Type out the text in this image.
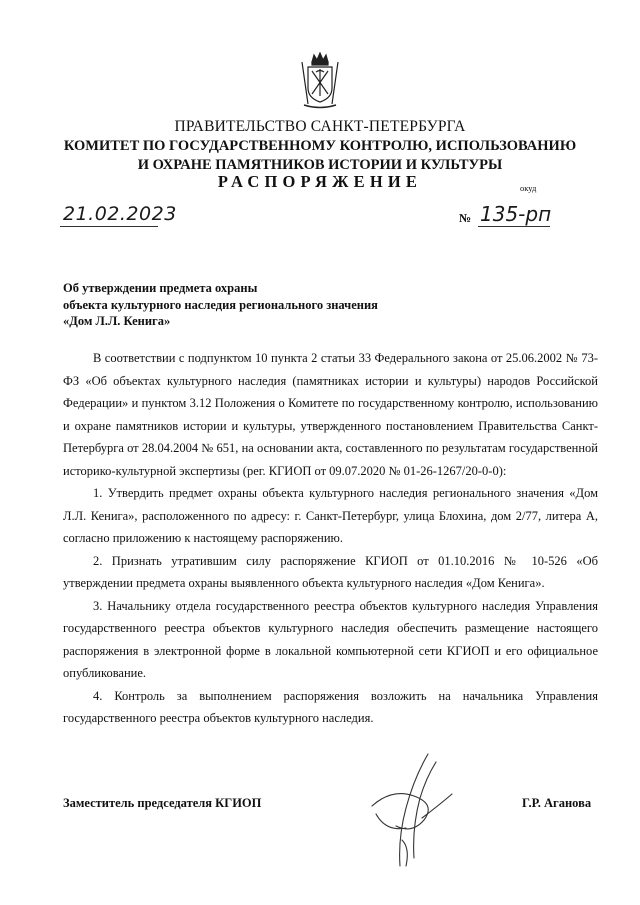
ПРАВИТЕЛЬСТВО САНКТ-ПЕТЕРБУРГА
КОМИТЕТ ПО ГОСУДАРСТВЕННОМУ КОНТРОЛЮ, ИСПОЛЬЗОВАНИЮ
И ОХРАНЕ ПАМЯТНИКОВ ИСТОРИИ И КУЛЬТУРЫ
РАСПОРЯЖЕНИЕ	окуд
21.02.2023	№ 135-рп
Об утверждении предмета охраны
объекта культурного наследия регионального значения
«Дом Л.Л. Кенига»

В соответствии с подпунктом 10 пункта 2 статьи 33 Федерального закона от 25.06.2002 № 73-ФЗ «Об объектах культурного наследия (памятниках истории и культуры) народов Российской Федерации» и пунктом 3.12 Положения о Комитете по государственному контролю, использованию и охране памятников истории и культуры, утвержденного постановлением Правительства Санкт-Петербурга от 28.04.2004 № 651, на основании акта, составленного по результатам государственной историко-культурной экспертизы (рег. КГИОП от 09.07.2020 № 01-26-1267/20-0-0):

1. Утвердить предмет охраны объекта культурного наследия регионального значения «Дом Л.Л. Кенига», расположенного по адресу: г. Санкт-Петербург, улица Блохина, дом 2/77, литера А, согласно приложению к настоящему распоряжению.

2. Признать утратившим силу распоряжение КГИОП от 01.10.2016 № 10-526 «Об утверждении предмета охраны выявленного объекта культурного наследия «Дом Кенига».

3. Начальнику отдела государственного реестра объектов культурного наследия Управления государственного реестра объектов культурного наследия обеспечить размещение настоящего распоряжения в электронной форме в локальной компьютерной сети КГИОП и его официальное опубликование.

4. Контроль за выполнением распоряжения возложить на начальника Управления государственного реестра объектов культурного наследия.

Заместитель председателя КГИОП	Г.Р. Аганова
